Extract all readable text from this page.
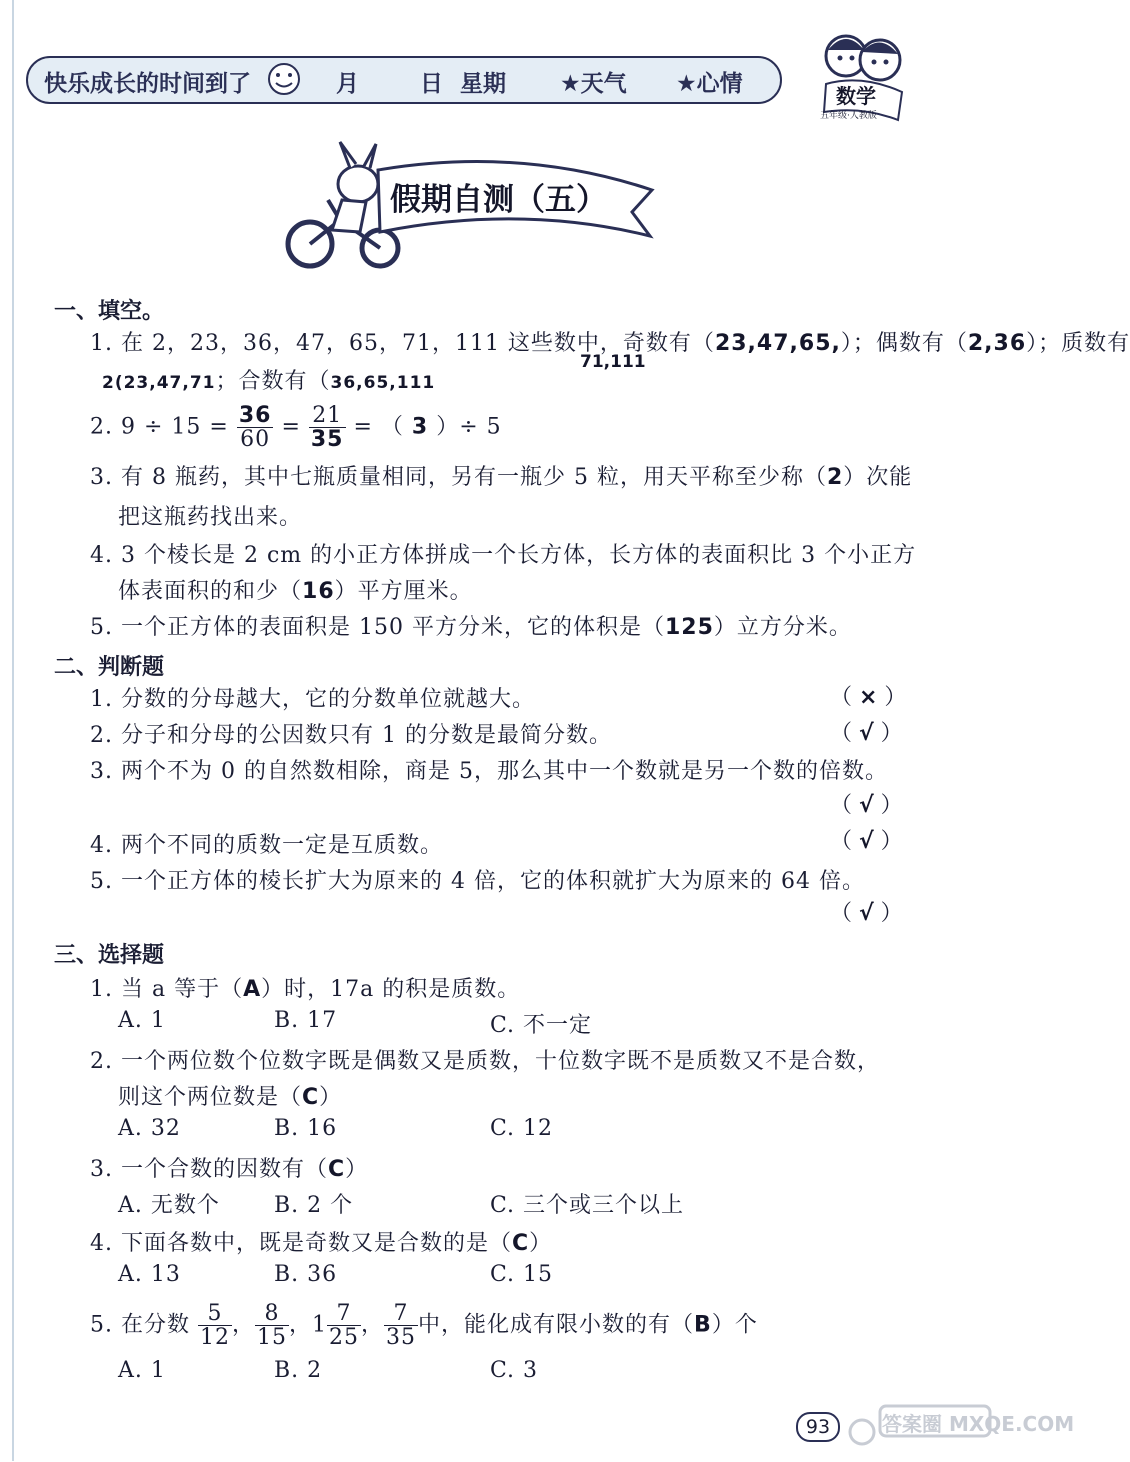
快乐成长的时间到了	月	日 星期 ★天气 ★心情	数学
五年级·人教版
假期自测（五）
一、填空。
1. 在 2，23，36，47，65，71，111 这些数中，奇数有（23,47,65,）；偶数有（2,36）；质数有
71,111
2(23,47,71；合数有（36,65,111
2. $9 \div 15 = \frac{36}{60} = \frac{21}{35}$ = （ 3 ）÷ 5
3. 有 8 瓶药，其中七瓶质量相同，另有一瓶少 5 粒，用天平称至少称（2）次能
把这瓶药找出来。
4. 3 个棱长是 2 cm 的小正方体拼成一个长方体，长方体的表面积比 3 个小正方
体表面积的和少（16）平方厘米。
5. 一个正方体的表面积是 150 平方分米，它的体积是（125）立方分米。
二、判断题
1. 分数的分母越大，它的分数单位就越大。	（ × ）
2. 分子和分母的公因数只有 1 的分数是最简分数。	（ √ ）
3. 两个不为 0 的自然数相除，商是 5，那么其中一个数就是另一个数的倍数。
（ √ ）
4. 两个不同的质数一定是互质数。	（ √ ）
5. 一个正方体的棱长扩大为原来的 4 倍，它的体积就扩大为原来的 64 倍。
（ √ ）
三、选择题
1. 当 a 等于（A）时，17a 的积是质数。
A. 1	B. 17	C. 不一定
2. 一个两位数个位数字既是偶数又是质数，十位数字既不是质数又不是合数，
则这个两位数是（C）
A. 32	B. 16	C. 12
3. 一个合数的因数有（C）
A. 无数个 B. 2 个	C. 三个或三个以上
4. 下面各数中，既是奇数又是合数的是（C）
A. 13	B. 36	C. 15
5. 在分数 $\frac{5}{12}$ ， $\frac{8}{15}$ ，$1 \frac{7}{25}$ ， $\frac{7}{35}$ 中，能化成有限小数的有（B）个
A. 1	B. 2	C. 3
93	答案圈 MXQE.COM
